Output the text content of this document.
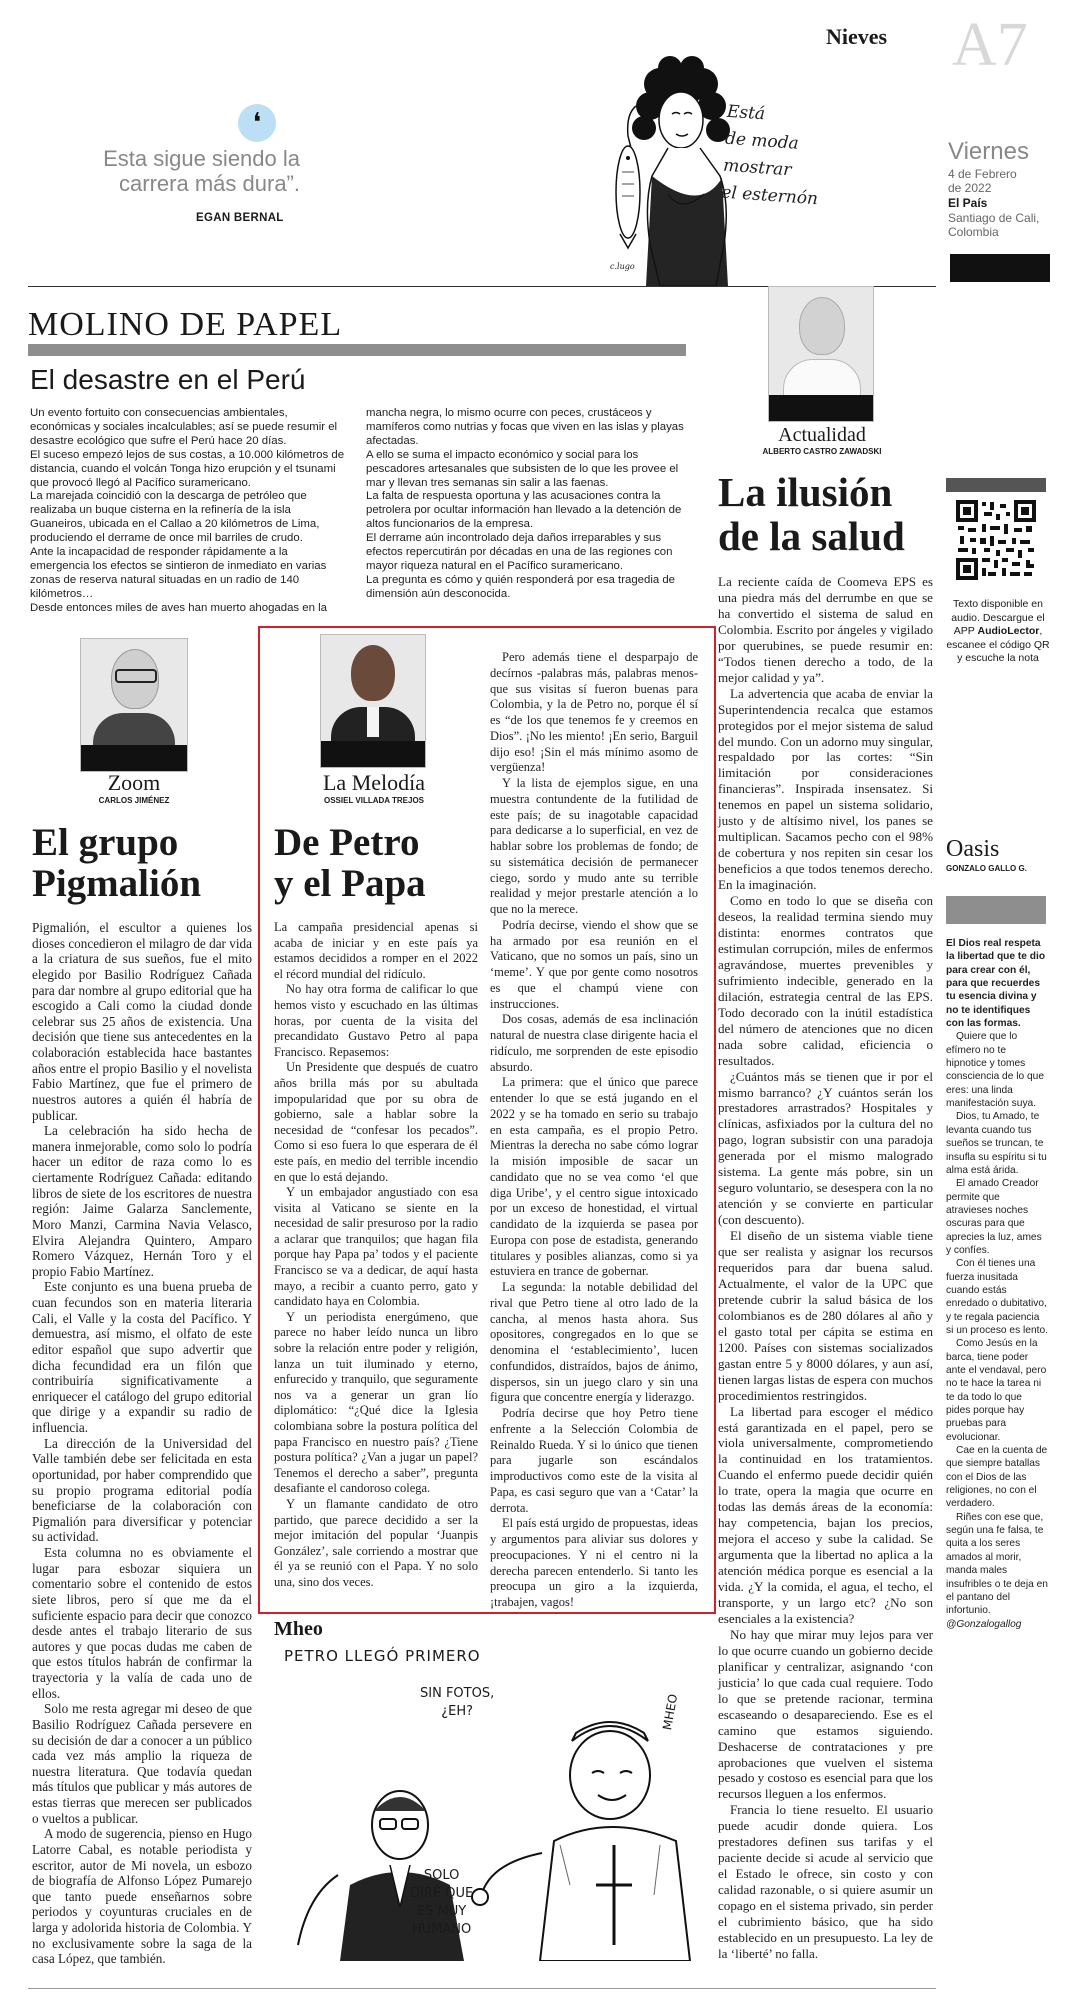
Nieves A7
Viernes
4 de Febrero
de 2022
El País
Santiago de Cali,
Colombia
❛
Esta sigue siendo la
carrera más dura”.
EGAN BERNAL
Está
de moda
mostrar
el esternón
c.lugo
MOLINO DE PAPEL
El desastre en el Perú

Un evento fortuito con consecuencias ambientales, económicas y sociales incalculables; así se puede resumir el desastre ecológico que sufre el Perú hace 20 días.

El suceso empezó lejos de sus costas, a 10.000 kilómetros de distancia, cuando el volcán Tonga hizo erupción y el tsunami que provocó llegó al Pacífico suramericano.

La marejada coincidió con la descarga de petróleo que realizaba un buque cisterna en la refinería de la isla Guaneiros, ubicada en el Callao a 20 kilómetros de Lima, produciendo el derrame de once mil barriles de crudo.

Ante la incapacidad de responder rápidamente a la emergencia los efectos se sintieron de inmediato en varias zonas de reserva natural situadas en un radio de 140 kilómetros…

Desde entonces miles de aves han muerto ahogadas en la

mancha negra, lo mismo ocurre con peces, crustáceos y mamíferos como nutrias y focas que viven en las islas y playas afectadas.

A ello se suma el impacto económico y social para los pescadores artesanales que subsisten de lo que les provee el mar y llevan tres semanas sin salir a las faenas.

La falta de respuesta oportuna y las acusaciones contra la petrolera por ocultar información han llevado a la detención de altos funcionarios de la empresa.

El derrame aún incontrolado deja daños irreparables y sus efectos repercutirán por décadas en una de las regiones con mayor riqueza natural en el Pacífico suramericano.

La pregunta es cómo y quién responderá por esa tragedia de dimensión aún desconocida.

Actualidad
ALBERTO CASTRO ZAWADSKI
La ilusión
de la salud

La reciente caída de Coomeva EPS es una piedra más del derrumbe en que se ha convertido el sistema de salud en Colombia. Escrito por ángeles y vigilado por querubines, se puede resumir en: “Todos tienen derecho a todo, de la mejor calidad y ya”.

La advertencia que acaba de enviar la Superintendencia recalca que estamos protegidos por el mejor sistema de salud del mundo. Con un adorno muy singular, respaldado por las cortes: “Sin limitación por consideraciones financieras”. Inspirada insensatez. Si tenemos en papel un sistema solidario, justo y de altísimo nivel, los panes se multiplican. Sacamos pecho con el 98% de cobertura y nos repiten sin cesar los beneficios a que todos tenemos derecho. En la imaginación.

Como en todo lo que se diseña con deseos, la realidad termina siendo muy distinta: enormes contratos que estimulan corrupción, miles de enfermos agravándose, muertes prevenibles y sufrimiento indecible, generado en la dilación, estrategia central de las EPS. Todo decorado con la inútil estadística del número de atenciones que no dicen nada sobre calidad, eficiencia o resultados.

¿Cuántos más se tienen que ir por el mismo barranco? ¿Y cuántos serán los prestadores arrastrados? Hospitales y clínicas, asfixiados por la cultura del no pago, logran subsistir con una paradoja generada por el mismo malogrado sistema. La gente más pobre, sin un seguro voluntario, se desespera con la no atención y se convierte en particular (con descuento).

El diseño de un sistema viable tiene que ser realista y asignar los recursos requeridos para dar buena salud. Actualmente, el valor de la UPC que pretende cubrir la salud básica de los colombianos es de 280 dólares al año y el gasto total per cápita se estima en 1200. Países con sistemas socializados gastan entre 5 y 8000 dólares, y aun así, tienen largas listas de espera con muchos procedimientos restringidos.

La libertad para escoger el médico está garantizada en el papel, pero se viola universalmente, comprometiendo la continuidad en los tratamientos. Cuando el enfermo puede decidir quién lo trate, opera la magia que ocurre en todas las demás áreas de la economía: hay competencia, bajan los precios, mejora el acceso y sube la calidad. Se argumenta que la libertad no aplica a la atención médica porque es esencial a la vida. ¿Y la comida, el agua, el techo, el transporte, y un largo etc? ¿No son esenciales a la existencia?

No hay que mirar muy lejos para ver lo que ocurre cuando un gobierno decide planificar y centralizar, asignando ‘con justicia’ lo que cada cual requiere. Todo lo que se pretende racionar, termina escaseando o desapareciendo. Ese es el camino que estamos siguiendo. Deshacerse de contrataciones y pre aprobaciones que vuelven el sistema pesado y costoso es esencial para que los recursos lleguen a los enfermos.

Francia lo tiene resuelto. El usuario puede acudir donde quiera. Los prestadores definen sus tarifas y el paciente decide si acude al servicio que el Estado le ofrece, sin costo y con calidad razonable, o si quiere asumir un copago en el sistema privado, sin perder el cubrimiento básico, que ha sido establecido en un presupuesto. La ley de la ‘liberté’ no falla.

Texto disponible en audio. Descargue el APP AudioLector, escanee el código QR y escuche la nota
Oasis
GONZALO GALLO G.

El Dios real respeta la libertad que te dio para crear con él, para que recuerdes tu esencia divina y no te identifiques con las formas.

Quiere que lo efímero no te hipnotice y tomes consciencia de lo que eres: una linda manifestación suya.

Dios, tu Amado, te levanta cuando tus sueños se truncan, te insufla su espíritu si tu alma está árida.

El amado Creador permite que atravieses noches oscuras para que aprecies la luz, ames y confíes.

Con él tienes una fuerza inusitada cuando estás enredado o dubitativo, y te regala paciencia si un proceso es lento.

Como Jesús en la barca, tiene poder ante el vendaval, pero no te hace la tarea ni te da todo lo que pides porque hay pruebas para evolucionar.

Cae en la cuenta de que siempre batallas con el Dios de las religiones, no con el verdadero.

Riñes con ese que, según una fe falsa, te quita a los seres amados al morir, manda males insufribles o te deja en el pantano del infortunio.

@Gonzalogallog

Zoom
CARLOS JIMÉNEZ
El grupo
Pigmalión

Pigmalión, el escultor a quienes los dioses concedieron el milagro de dar vida a la criatura de sus sueños, fue el mito elegido por Basilio Rodríguez Cañada para dar nombre al grupo editorial que ha escogido a Cali como la ciudad donde celebrar sus 25 años de existencia. Una decisión que tiene sus antecedentes en la colaboración establecida hace bastantes años entre el propio Basilio y el novelista Fabio Martínez, que fue el primero de nuestros autores a quién él habría de publicar.

La celebración ha sido hecha de manera inmejorable, como solo lo podría hacer un editor de raza como lo es ciertamente Rodríguez Cañada: editando libros de siete de los escritores de nuestra región: Jaime Galarza Sanclemente, Moro Manzi, Carmina Navia Velasco, Elvira Alejandra Quintero, Amparo Romero Vázquez, Hernán Toro y el propio Fabio Martínez.

Este conjunto es una buena prueba de cuan fecundos son en materia literaria Cali, el Valle y la costa del Pacífico. Y demuestra, así mismo, el olfato de este editor español que supo advertir que dicha fecundidad era un filón que contribuiría significativamente a enriquecer el catálogo del grupo editorial que dirige y a expandir su radio de influencia.

La dirección de la Universidad del Valle también debe ser felicitada en esta oportunidad, por haber comprendido que su propio programa editorial podía beneficiarse de la colaboración con Pigmalión para diversificar y potenciar su actividad.

Esta columna no es obviamente el lugar para esbozar siquiera un comentario sobre el contenido de estos siete libros, pero sí que me da el suficiente espacio para decir que conozco desde antes el trabajo literario de sus autores y que pocas dudas me caben de que estos títulos habrán de confirmar la trayectoria y la valía de cada uno de ellos.

Solo me resta agregar mi deseo de que Basilio Rodríguez Cañada persevere en su decisión de dar a conocer a un público cada vez más amplio la riqueza de nuestra literatura. Que todavía quedan más títulos que publicar y más autores de estas tierras que merecen ser publicados o vueltos a publicar.

A modo de sugerencia, pienso en Hugo Latorre Cabal, es notable periodista y escritor, autor de Mi novela, un esbozo de biografía de Alfonso López Pumarejo que tanto puede enseñarnos sobre periodos y coyunturas cruciales en de larga y adolorida historia de Colombia. Y no exclusivamente sobre la saga de la casa López, que también.

La Melodía
OSSIEL VILLADA TREJOS
De Petro
y el Papa

La campaña presidencial apenas si acaba de iniciar y en este país ya estamos decididos a romper en el 2022 el récord mundial del ridículo.

No hay otra forma de calificar lo que hemos visto y escuchado en las últimas horas, por cuenta de la visita del precandidato Gustavo Petro al papa Francisco. Repasemos:

Un Presidente que después de cuatro años brilla más por su abultada impopularidad que por su obra de gobierno, sale a hablar sobre la necesidad de “confesar los pecados”. Como si eso fuera lo que esperara de él este país, en medio del terrible incendio en que lo está dejando.

Y un embajador angustiado con esa visita al Vaticano se siente en la necesidad de salir presuroso por la radio a aclarar que tranquilos; que hagan fila porque hay Papa pa’ todos y el paciente Francisco se va a dedicar, de aquí hasta mayo, a recibir a cuanto perro, gato y candidato haya en Colombia.

Y un periodista energúmeno, que parece no haber leído nunca un libro sobre la relación entre poder y religión, lanza un tuit iluminado y eterno, enfurecido y tranquilo, que seguramente nos va a generar un gran lío diplomático: “¿Qué dice la Iglesia colombiana sobre la postura política del papa Francisco en nuestro país? ¿Tiene postura política? ¿Van a jugar un papel? Tenemos el derecho a saber”, pregunta desafiante el candoroso colega.

Y un flamante candidato de otro partido, que parece decidido a ser la mejor imitación del popular ‘Juanpis González’, sale corriendo a mostrar que él ya se reunió con el Papa. Y no solo una, sino dos veces.

Pero además tiene el desparpajo de decírnos -palabras más, palabras menos- que sus visitas sí fueron buenas para Colombia, y la de Petro no, porque él sí es “de los que tenemos fe y creemos en Dios”. ¡No les miento! ¡En serio, Barguil dijo eso! ¡Sin el más mínimo asomo de vergüenza!

Y la lista de ejemplos sigue, en una muestra contundente de la futilidad de este país; de su inagotable capacidad para dedicarse a lo superficial, en vez de hablar sobre los problemas de fondo; de su sistemática decisión de permanecer ciego, sordo y mudo ante su terrible realidad y mejor prestarle atención a lo que no la merece.

Podría decirse, viendo el show que se ha armado por esa reunión en el Vaticano, que no somos un país, sino un ‘meme’. Y que por gente como nosotros es que el champú viene con instrucciones.

Dos cosas, además de esa inclinación natural de nuestra clase dirigente hacia el ridículo, me sorprenden de este episodio absurdo.

La primera: que el único que parece entender lo que se está jugando en el 2022 y se ha tomado en serio su trabajo en esta campaña, es el propio Petro. Mientras la derecha no sabe cómo lograr la misión imposible de sacar un candidato que no se vea como ‘el que diga Uribe’, y el centro sigue intoxicado por un exceso de honestidad, el virtual candidato de la izquierda se pasea por Europa con pose de estadista, generando titulares y posibles alianzas, como si ya estuviera en trance de gobernar.

La segunda: la notable debilidad del rival que Petro tiene al otro lado de la cancha, al menos hasta ahora. Sus opositores, congregados en lo que se denomina el ‘establecimiento’, lucen confundidos, distraídos, bajos de ánimo, dispersos, sin un juego claro y sin una figura que concentre energía y liderazgo.

Podría decirse que hoy Petro tiene enfrente a la Selección Colombia de Reinaldo Rueda. Y si lo único que tienen para jugarle son escándalos improductivos como este de la visita al Papa, es casi seguro que van a ‘Catar’ la derrota.

El país está urgido de propuestas, ideas y argumentos para aliviar sus dolores y preocupaciones. Y ni el centro ni la derecha parecen entenderlo. Si tanto les preocupa un giro a la izquierda, ¡trabajen, vagos!

Mheo
PETRO LLEGÓ PRIMERO
SIN FOTOS,
¿EH?
SOLO
DIRÉ QUE
ES MUY
HUMANO
MHEO
